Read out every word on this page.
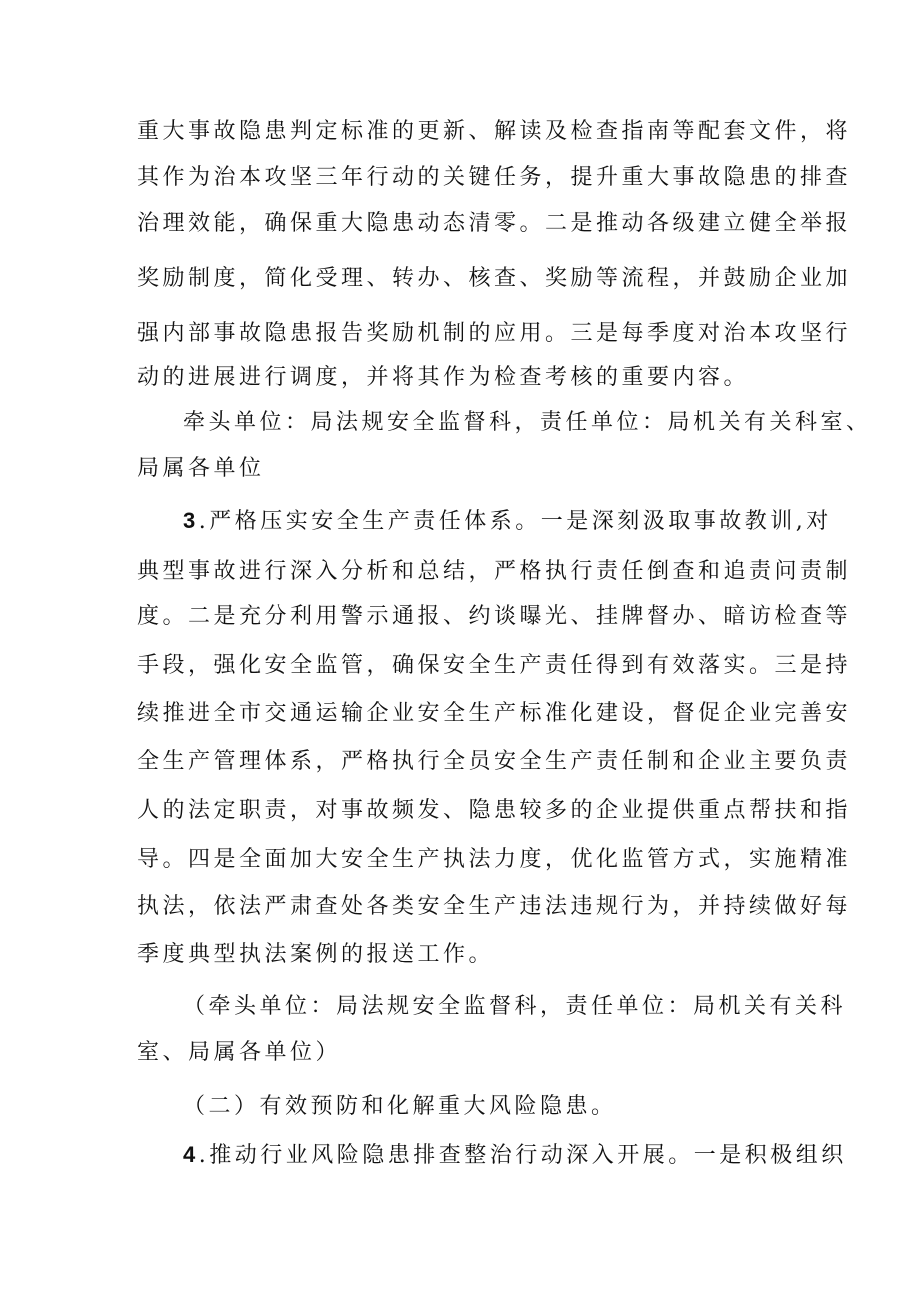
重大事故隐患判定标准的更新、解读及检查指南等配套文件，将
其作为治本攻坚三年行动的关键任务，提升重大事故隐患的排查
治理效能，确保重大隐患动态清零。二是推动各级建立健全举报
奖励制度，简化受理、转办、核查、奖励等流程，并鼓励企业加
强内部事故隐患报告奖励机制的应用。三是每季度对治本攻坚行
动的进展进行调度，并将其作为检查考核的重要内容。
牵头单位：局法规安全监督科，责任单位：局机关有关科室、
局属各单位
3.严格压实安全生产责任体系。一是深刻汲取事故教训,对
典型事故进行深入分析和总结，严格执行责任倒查和追责问责制
度。二是充分利用警示通报、约谈曝光、挂牌督办、暗访检查等
手段，强化安全监管，确保安全生产责任得到有效落实。三是持
续推进全市交通运输企业安全生产标准化建设，督促企业完善安
全生产管理体系，严格执行全员安全生产责任制和企业主要负责
人的法定职责，对事故频发、隐患较多的企业提供重点帮扶和指
导。四是全面加大安全生产执法力度，优化监管方式，实施精准
执法，依法严肃查处各类安全生产违法违规行为，并持续做好每
季度典型执法案例的报送工作。
（牵头单位：局法规安全监督科，责任单位：局机关有关科
室、局属各单位）
（二）有效预防和化解重大风险隐患。
4.推动行业风险隐患排查整治行动深入开展。一是积极组织
